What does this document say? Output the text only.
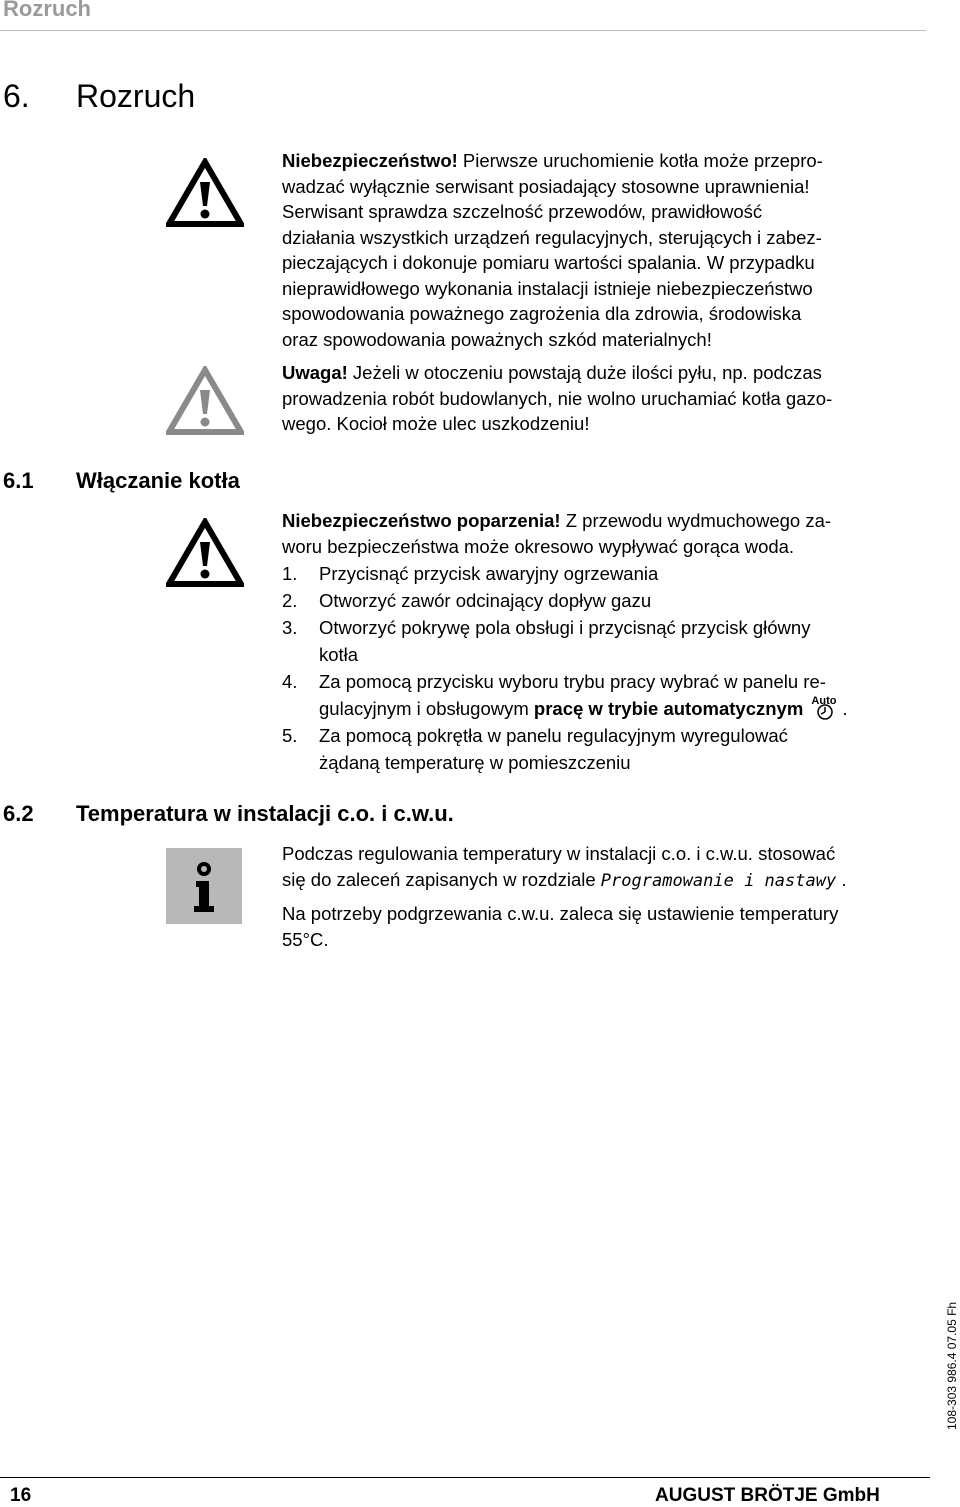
Rozruch
6. Rozruch
Niebezpieczeństwo! Pierwsze uruchomienie kotła może przepro-
wadzać wyłącznie serwisant posiadający stosowne uprawnienia!
Serwisant sprawdza szczelność przewodów, prawidłowość
działania wszystkich urządzeń regulacyjnych, sterujących i zabez-
pieczających i dokonuje pomiaru wartości spalania. W przypadku
nieprawidłowego wykonania instalacji istnieje niebezpieczeństwo
spowodowania poważnego zagrożenia dla zdrowia, środowiska
oraz spowodowania poważnych szkód materialnych!
Uwaga! Jeżeli w otoczeniu powstają duże ilości pyłu, np. podczas
prowadzenia robót budowlanych, nie wolno uruchamiać kotła gazo-
wego. Kocioł może ulec uszkodzeniu!
6.1 Włączanie kotła
Niebezpieczeństwo poparzenia! Z przewodu wydmuchowego za-
woru bezpieczeństwa może okresowo wypływać gorąca woda.
1. Przycisnąć przycisk awaryjny ogrzewania
2. Otworzyć zawór odcinający dopływ gazu
3. Otworzyć pokrywę pola obsługi i przycisnąć przycisk główny
kotła
4. Za pomocą przycisku wyboru trybu pracy wybrać w panelu re-
gulacyjnym i obsługowym pracę w trybie automatycznym Auto .
5. Za pomocą pokrętła w panelu regulacyjnym wyregulować
żądaną temperaturę w pomieszczeniu
6.2 Temperatura w instalacji c.o. i c.w.u.
Podczas regulowania temperatury w instalacji c.o. i c.w.u. stosować
się do zaleceń zapisanych w rozdziale Programowanie i nastawy .
Na potrzeby podgrzewania c.w.u. zaleca się ustawienie temperatury
55°C.
108-303 986.4 07.05 Fh
16	AUGUST BRÖTJE GmbH
